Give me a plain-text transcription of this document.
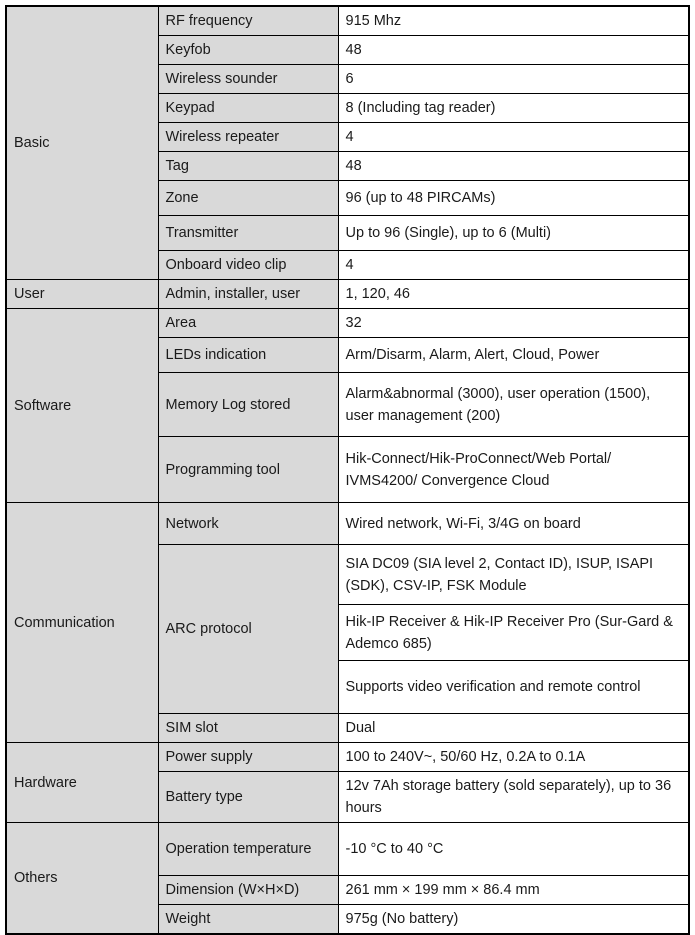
Basic	RF frequency	915 Mhz
	Keyfob	48
	Wireless sounder	6
	Keypad	8 (Including tag reader)
	Wireless repeater	4
	Tag	48
	Zone	96 (up to 48 PIRCAMs)
	Transmitter	Up to 96 (Single), up to 6 (Multi)
	Onboard video clip	4
User	Admin, installer, user	1, 120, 46
Software	Area	32
	LEDs indication	Arm/Disarm, Alarm, Alert, Cloud, Power
	Memory Log stored	Alarm&abnormal (3000), user operation (1500), user management (200)
	Programming tool	Hik-Connect/Hik-ProConnect/Web Portal/ IVMS4200/ Convergence Cloud
Communication	Network	Wired network, Wi-Fi, 3/4G on board
	ARC protocol	SIA DC09 (SIA level 2, Contact ID), ISUP, ISAPI (SDK), CSV-IP, FSK Module
		Hik-IP Receiver & Hik-IP Receiver Pro (Sur-Gard & Ademco 685)
		Supports video verification and remote control
	SIM slot	Dual
Hardware	Power supply	100 to 240V~, 50/60 Hz, 0.2A to 0.1A
	Battery type	12v 7Ah storage battery (sold separately), up to 36 hours
Others	Operation temperature	-10 °C to 40 °C
	Dimension (W×H×D)	261 mm × 199 mm × 86.4 mm
	Weight	975g (No battery)
